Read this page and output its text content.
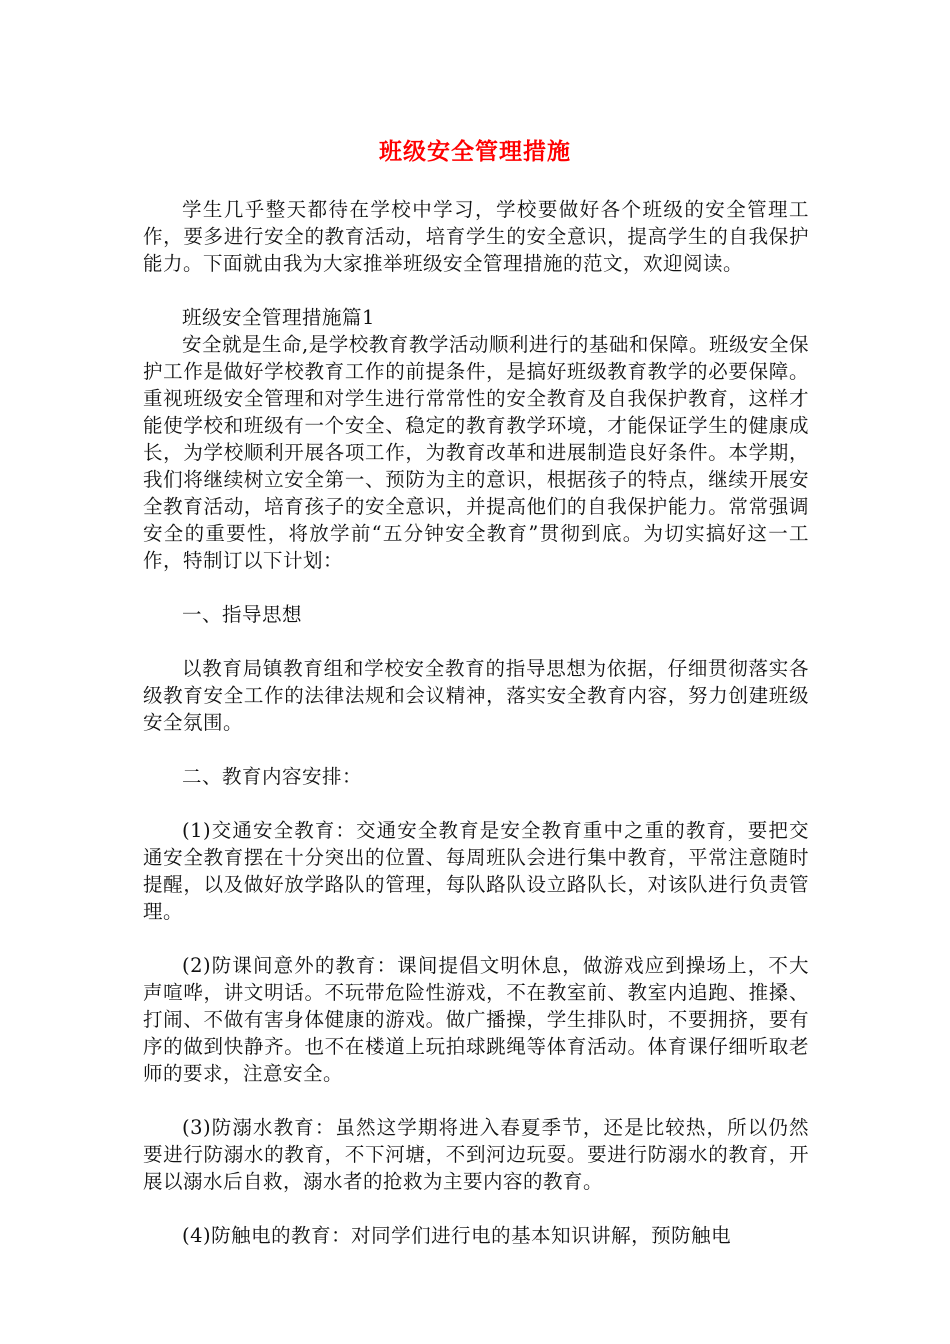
班级安全管理措施

学生几乎整天都待在学校中学习，学校要做好各个班级的安全管理工作，要多进行安全的教育活动，培育学生的安全意识，提高学生的自我保护能力。下面就由我为大家推举班级安全管理措施的范文，欢迎阅读。

班级安全管理措施篇1

安全就是生命,是学校教育教学活动顺利进行的基础和保障。班级安全保护工作是做好学校教育工作的前提条件，是搞好班级教育教学的必要保障。重视班级安全管理和对学生进行常常性的安全教育及自我保护教育，这样才能使学校和班级有一个安全、稳定的教育教学环境，才能保证学生的健康成长，为学校顺利开展各项工作，为教育改革和进展制造良好条件。本学期，我们将继续树立安全第一、预防为主的意识，根据孩子的特点，继续开展安全教育活动，培育孩子的安全意识，并提高他们的自我保护能力。常常强调安全的重要性，将放学前“五分钟安全教育”贯彻到底。为切实搞好这一工作，特制订以下计划：

一、指导思想

以教育局镇教育组和学校安全教育的指导思想为依据，仔细贯彻落实各级教育安全工作的法律法规和会议精神，落实安全教育内容，努力创建班级安全氛围。

二、教育内容安排：

(1)交通安全教育：交通安全教育是安全教育重中之重的教育，要把交通安全教育摆在十分突出的位置、每周班队会进行集中教育，平常注意随时提醒，以及做好放学路队的管理，每队路队设立路队长，对该队进行负责管理。

(2)防课间意外的教育：课间提倡文明休息，做游戏应到操场上，不大声喧哗，讲文明话。不玩带危险性游戏，不在教室前、教室内追跑、推搡、打闹、不做有害身体健康的游戏。做广播操，学生排队时，不要拥挤，要有序的做到快静齐。也不在楼道上玩拍球跳绳等体育活动。体育课仔细听取老师的要求，注意安全。

(3)防溺水教育：虽然这学期将进入春夏季节，还是比较热，所以仍然要进行防溺水的教育，不下河塘，不到河边玩耍。要进行防溺水的教育，开展以溺水后自救，溺水者的抢救为主要内容的教育。

(4)防触电的教育：对同学们进行电的基本知识讲解，预防触电
